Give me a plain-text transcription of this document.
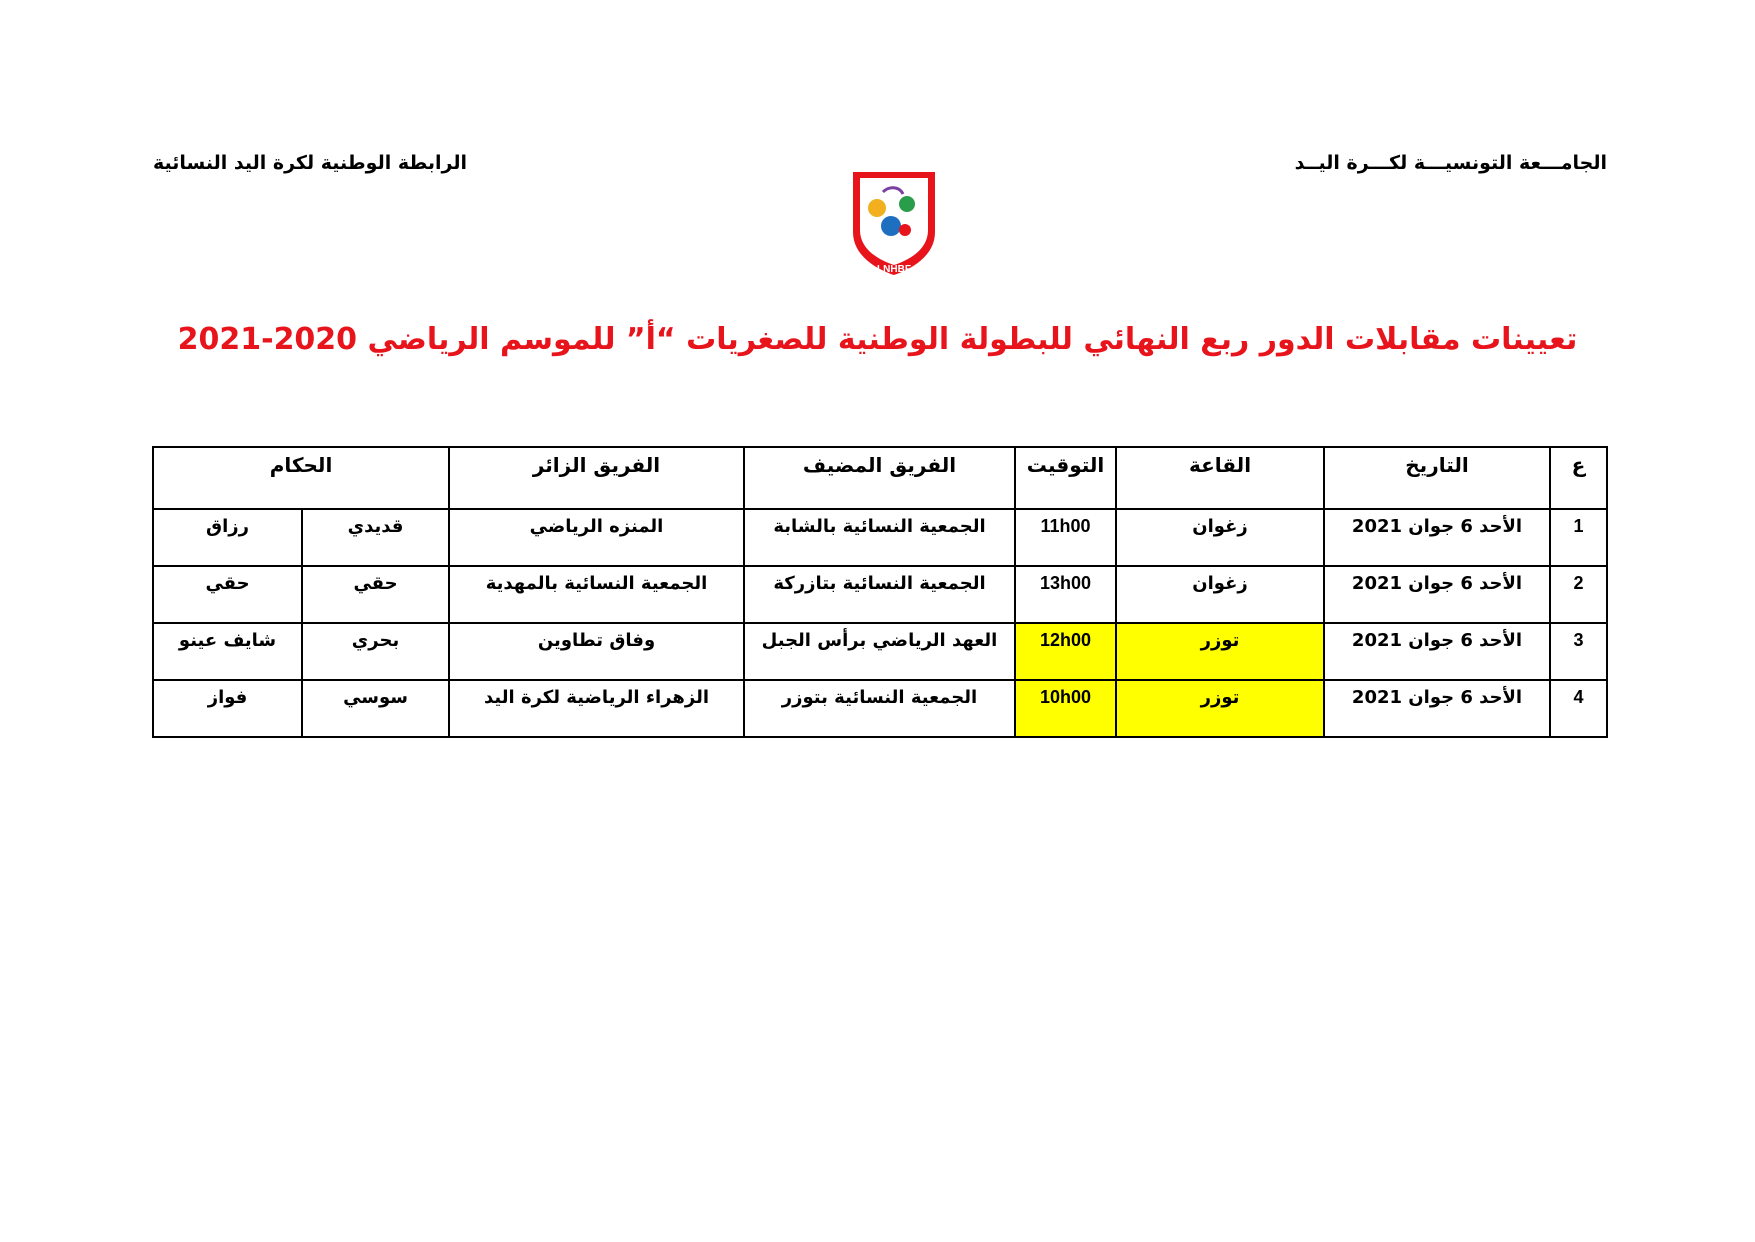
الجامـــعة التونسيـــة لكـــرة اليــد
الرابطة الوطنية لكرة اليد النسائية
LNHBF
تعيينات مقابلات الدور ربع النهائي للبطولة الوطنية للصغريات “أ” للموسم الرياضي 2020-2021
ع	التاريخ	القاعة	التوقيت	الفريق المضيف	الفريق الزائر	الحكام	
1	الأحد 6 جوان 2021	زغوان	11h00	الجمعية النسائية بالشابة	المنزه الرياضي	قديدي	رزاق
2	الأحد 6 جوان 2021	زغوان	13h00	الجمعية النسائية بتازركة	الجمعية النسائية بالمهدية	حقي	حقي
3	الأحد 6 جوان 2021	توزر	12h00	العهد الرياضي برأس الجبل	وفاق تطاوين	بحري	شايف عينو
4	الأحد 6 جوان 2021	توزر	10h00	الجمعية النسائية بتوزر	الزهراء الرياضية لكرة اليد	سوسي	فواز
